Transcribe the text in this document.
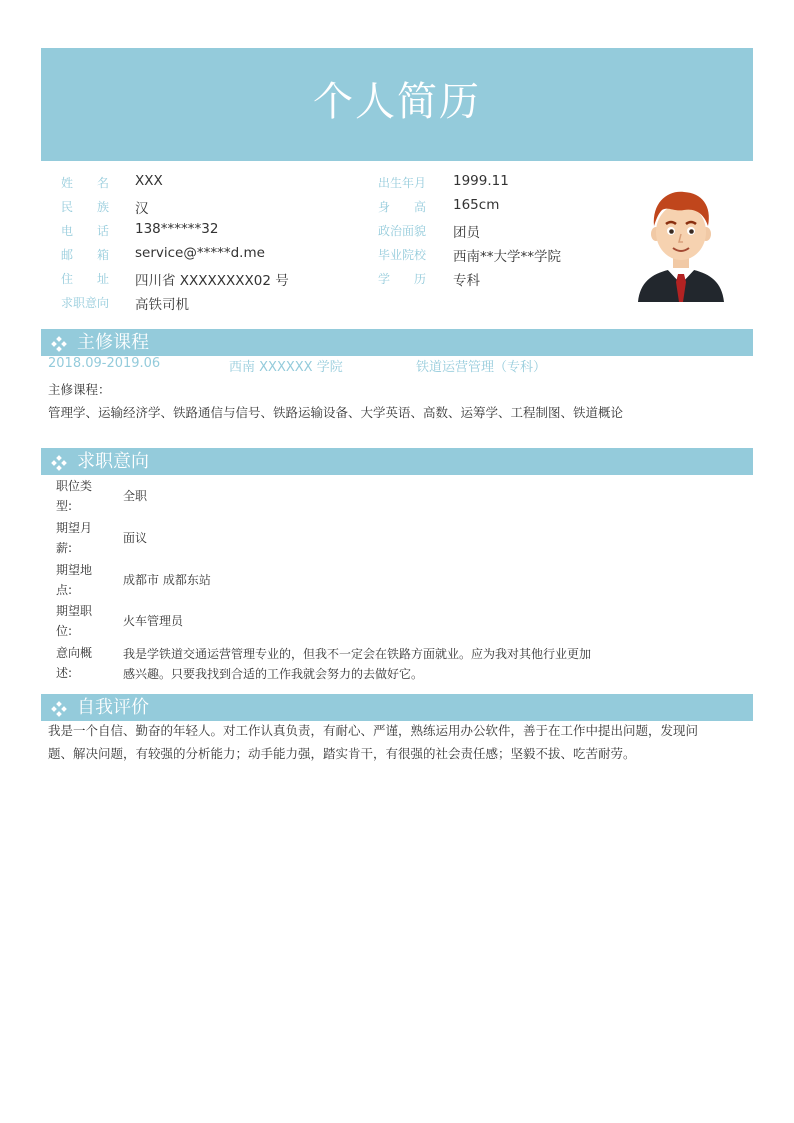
个人简历
姓　　名 XXX
民　　族 汉
电　　话 138******32
邮　　箱 service@*****d.me
住　　址 四川省 XXXXXXXX02 号
求职意向 高铁司机
出生年月 1999.11
身　　高 165cm
政治面貌 团员
毕业院校 西南**大学**学院
学　　历 专科
主修课程
2018.09-2019.06	西南 XXXXXX 学院	铁道运营管理（专科）
主修课程：
管理学、运输经济学、铁路通信与信号、铁路运输设备、大学英语、高数、运筹学、工程制图、铁道概论
求职意向
职位类
型:
全职
期望月
薪:
面议
期望地
点:
成都市 成都东站
期望职
位:
火车管理员
意向概
述:
我是学铁道交通运营管理专业的，但我不一定会在铁路方面就业。应为我对其他行业更加
感兴趣。只要我找到合适的工作我就会努力的去做好它。
自我评价
我是一个自信、勤奋的年轻人。对工作认真负责，有耐心、严谨，熟练运用办公软件，善于在工作中提出问题，发现问
题、解决问题，有较强的分析能力；动手能力强，踏实肯干，有很强的社会责任感；坚毅不拔、吃苦耐劳。
